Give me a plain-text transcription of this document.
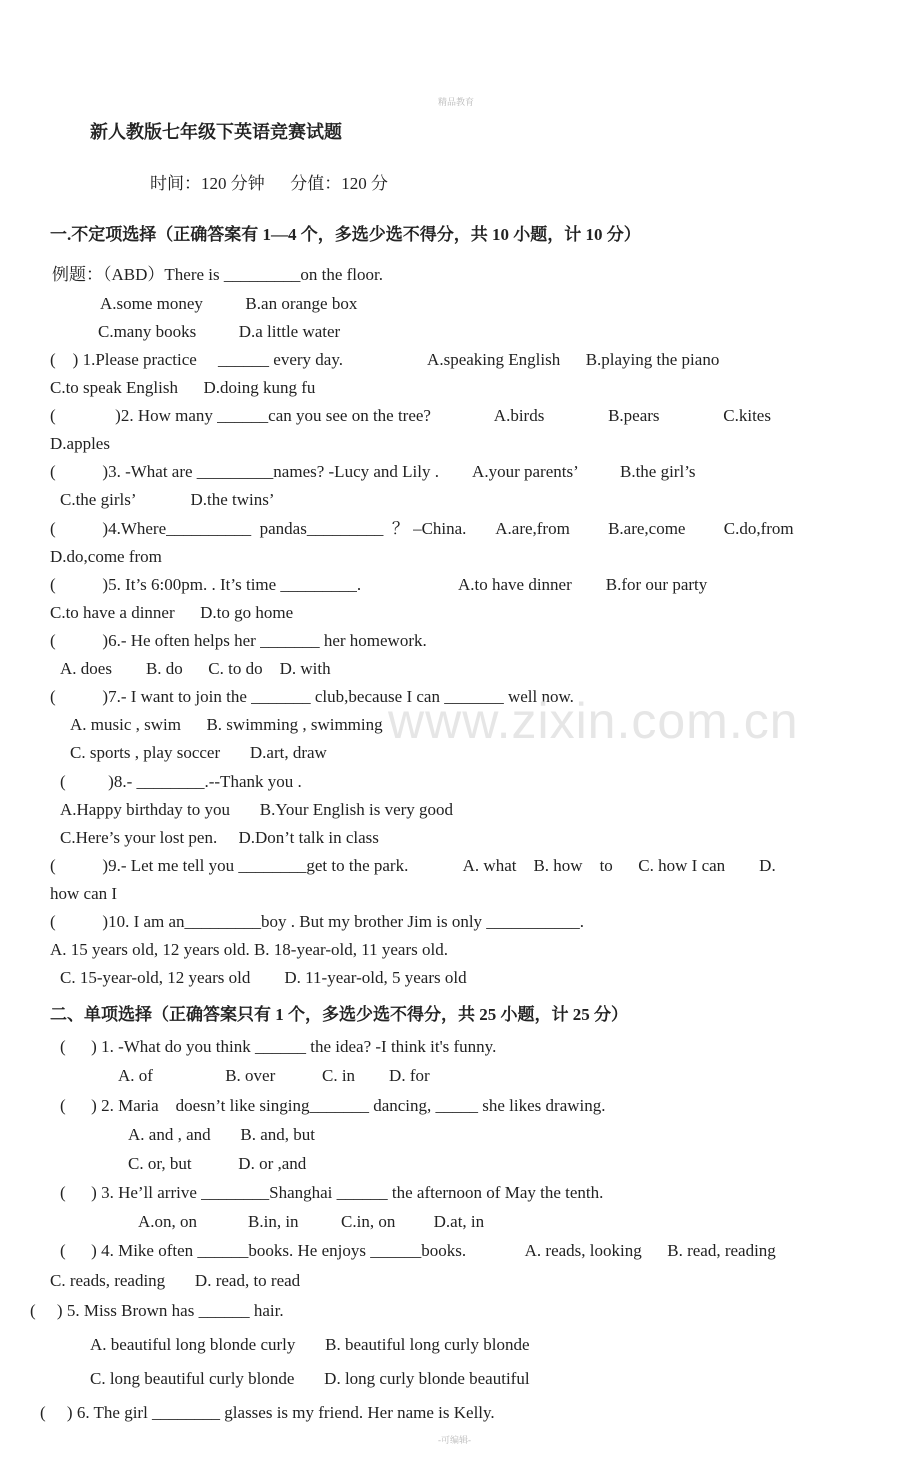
精品教育
新人教版七年级下英语竞赛试题
时间：120 分钟      分值：120 分
一.不定项选择（正确答案有 1—4 个，多选少选不得分，共 10 小题，计 10 分）
例题：（ABD）There is _________on the floor.
A.some money          B.an orange box
C.many books          D.a little water
(    ) 1.Please practice     ______ every day.                    A.speaking English      B.playing the piano
C.to speak English      D.doing kung fu
(              )2. How many ______can you see on the tree?               A.birds               B.pears               C.kites
D.apples
(           )3. -What are _________names? -Lucy and Lily .        A.your parents’          B.the girl’s
C.the girls’             D.the twins’
(           )4.Where__________  pandas_________  ？ –China.       A.are,from         B.are,come         C.do,from
D.do,come from
(           )5. It’s 6:00pm. . It’s time _________.                       A.to have dinner        B.for our party
C.to have a dinner      D.to go home
(           )6.- He often helps her _______ her homework.
A. does        B. do      C. to do    D. with
(           )7.- I want to join the _______ club,because I can _______ well now.
A. music , swim      B. swimming , swimming
C. sports , play soccer       D.art, draw
(          )8.- ________.--Thank you .
A.Happy birthday to you       B.Your English is very good
C.Here’s your lost pen.     D.Don’t talk in class
(           )9.- Let me tell you ________get to the park.             A. what    B. how    to      C. how I can        D.
how can I
(           )10. I am an_________boy . But my brother Jim is only ___________.
A. 15 years old, 12 years old. B. 18-year-old, 11 years old.
C. 15-year-old, 12 years old        D. 11-year-old, 5 years old
二、单项选择（正确答案只有 1 个，多选少选不得分，共 25 小题，计 25 分）
(      ) 1. -What do you think ______ the idea? -I think it's funny.
A. of                 B. over           C. in        D. for
(      ) 2. Maria    doesn’t like singing_______ dancing, _____ she likes drawing.
A. and , and       B. and, but
C. or, but           D. or ,and
(      ) 3. He’ll arrive ________Shanghai ______ the afternoon of May the tenth.
A.on, on            B.in, in          C.in, on         D.at, in
(      ) 4. Mike often ______books. He enjoys ______books.              A. reads, looking      B. read, reading
C. reads, reading       D. read, to read
(     ) 5. Miss Brown has ______ hair.
A. beautiful long blonde curly       B. beautiful long curly blonde
C. long beautiful curly blonde       D. long curly blonde beautiful
(     ) 6. The girl ________ glasses is my friend. Her name is Kelly.
www.zixin.com.cn
-可编辑-
